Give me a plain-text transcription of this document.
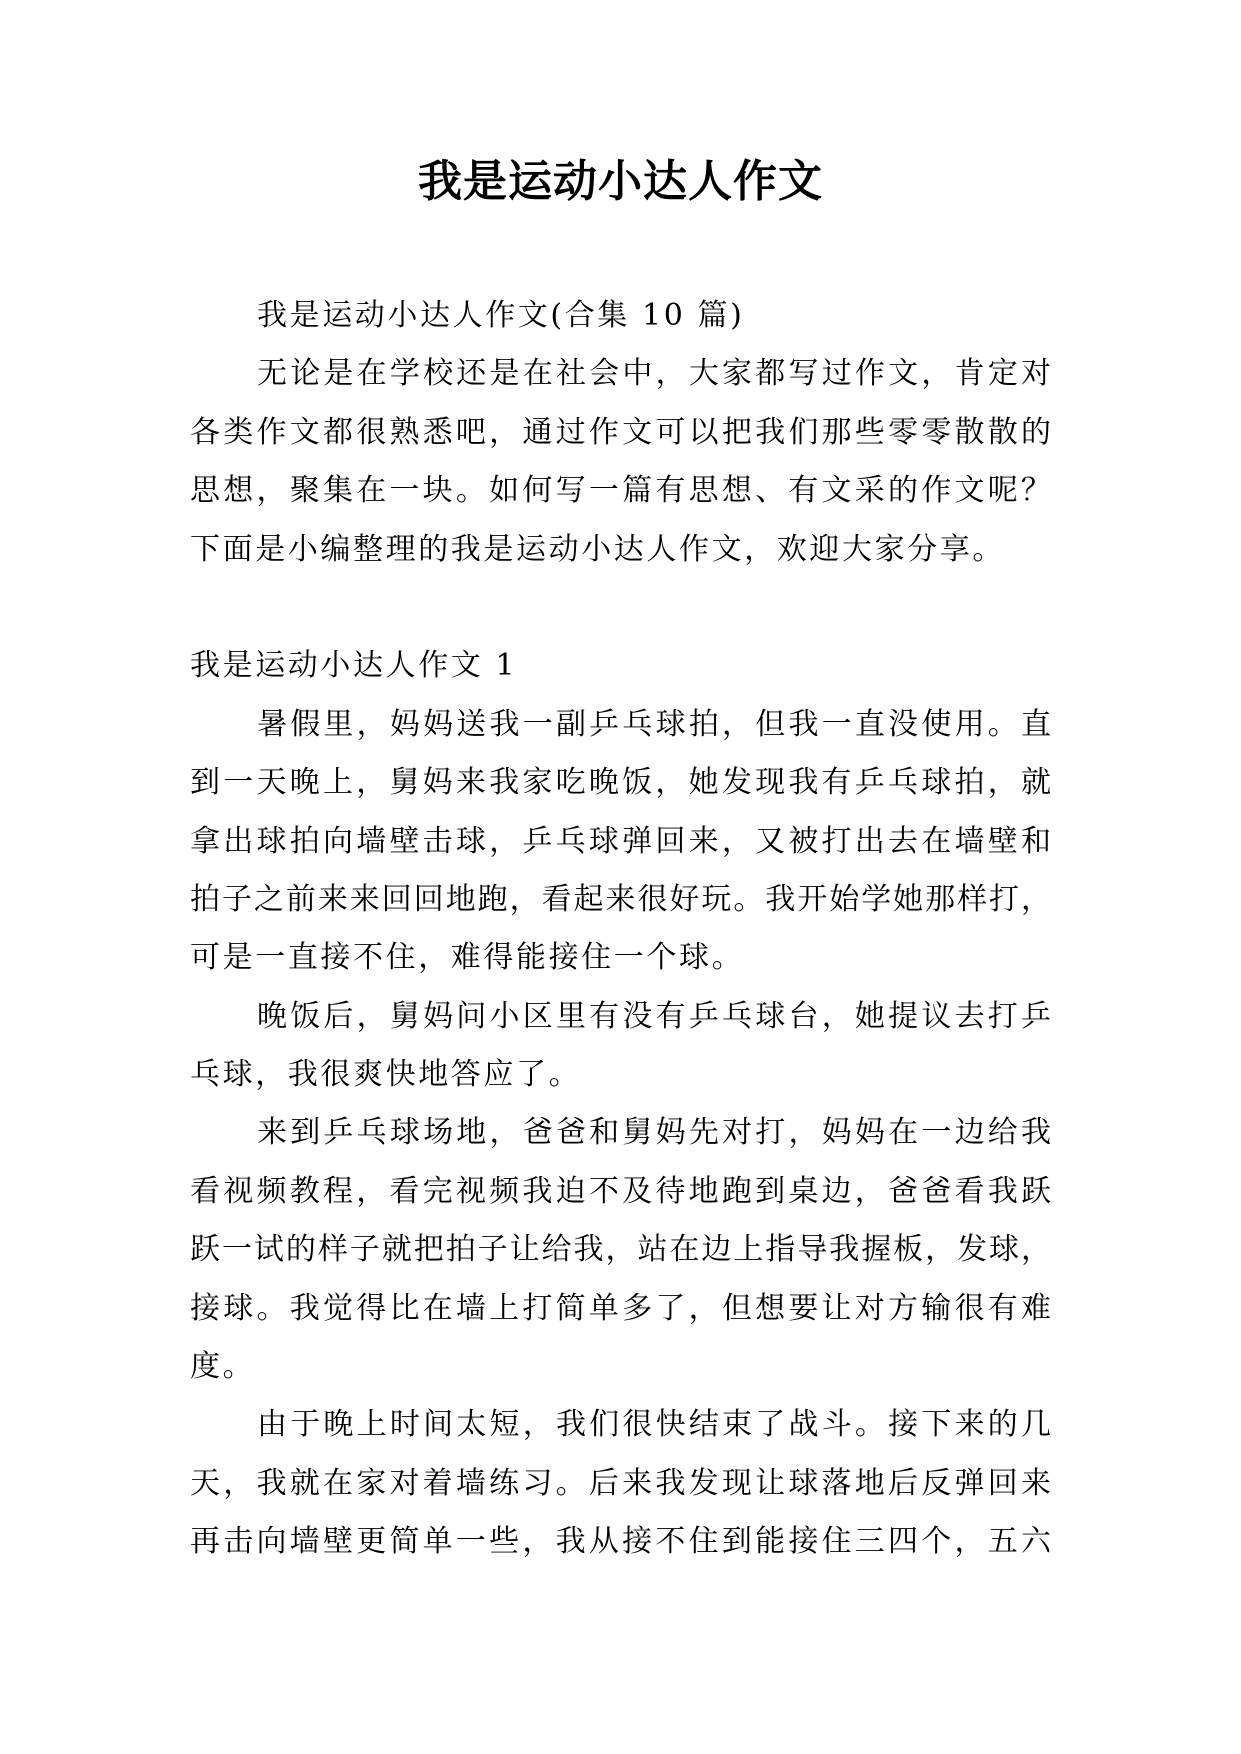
我是运动小达人作文
我是运动小达人作文(合集 10 篇)
无论是在学校还是在社会中，大家都写过作文，肯定对
各类作文都很熟悉吧，通过作文可以把我们那些零零散散的
思想，聚集在一块。如何写一篇有思想、有文采的作文呢？
下面是小编整理的我是运动小达人作文，欢迎大家分享。
我是运动小达人作文 1
暑假里，妈妈送我一副乒乓球拍，但我一直没使用。直
到一天晚上，舅妈来我家吃晚饭，她发现我有乒乓球拍，就
拿出球拍向墙壁击球，乒乓球弹回来，又被打出去在墙壁和
拍子之前来来回回地跑，看起来很好玩。我开始学她那样打，
可是一直接不住，难得能接住一个球。
晚饭后，舅妈问小区里有没有乒乓球台，她提议去打乒
乓球，我很爽快地答应了。
来到乒乓球场地，爸爸和舅妈先对打，妈妈在一边给我
看视频教程，看完视频我迫不及待地跑到桌边，爸爸看我跃
跃一试的样子就把拍子让给我，站在边上指导我握板，发球，
接球。我觉得比在墙上打简单多了，但想要让对方输很有难
度。
由于晚上时间太短，我们很快结束了战斗。接下来的几
天，我就在家对着墙练习。后来我发现让球落地后反弹回来
再击向墙壁更简单一些，我从接不住到能接住三四个，五六
